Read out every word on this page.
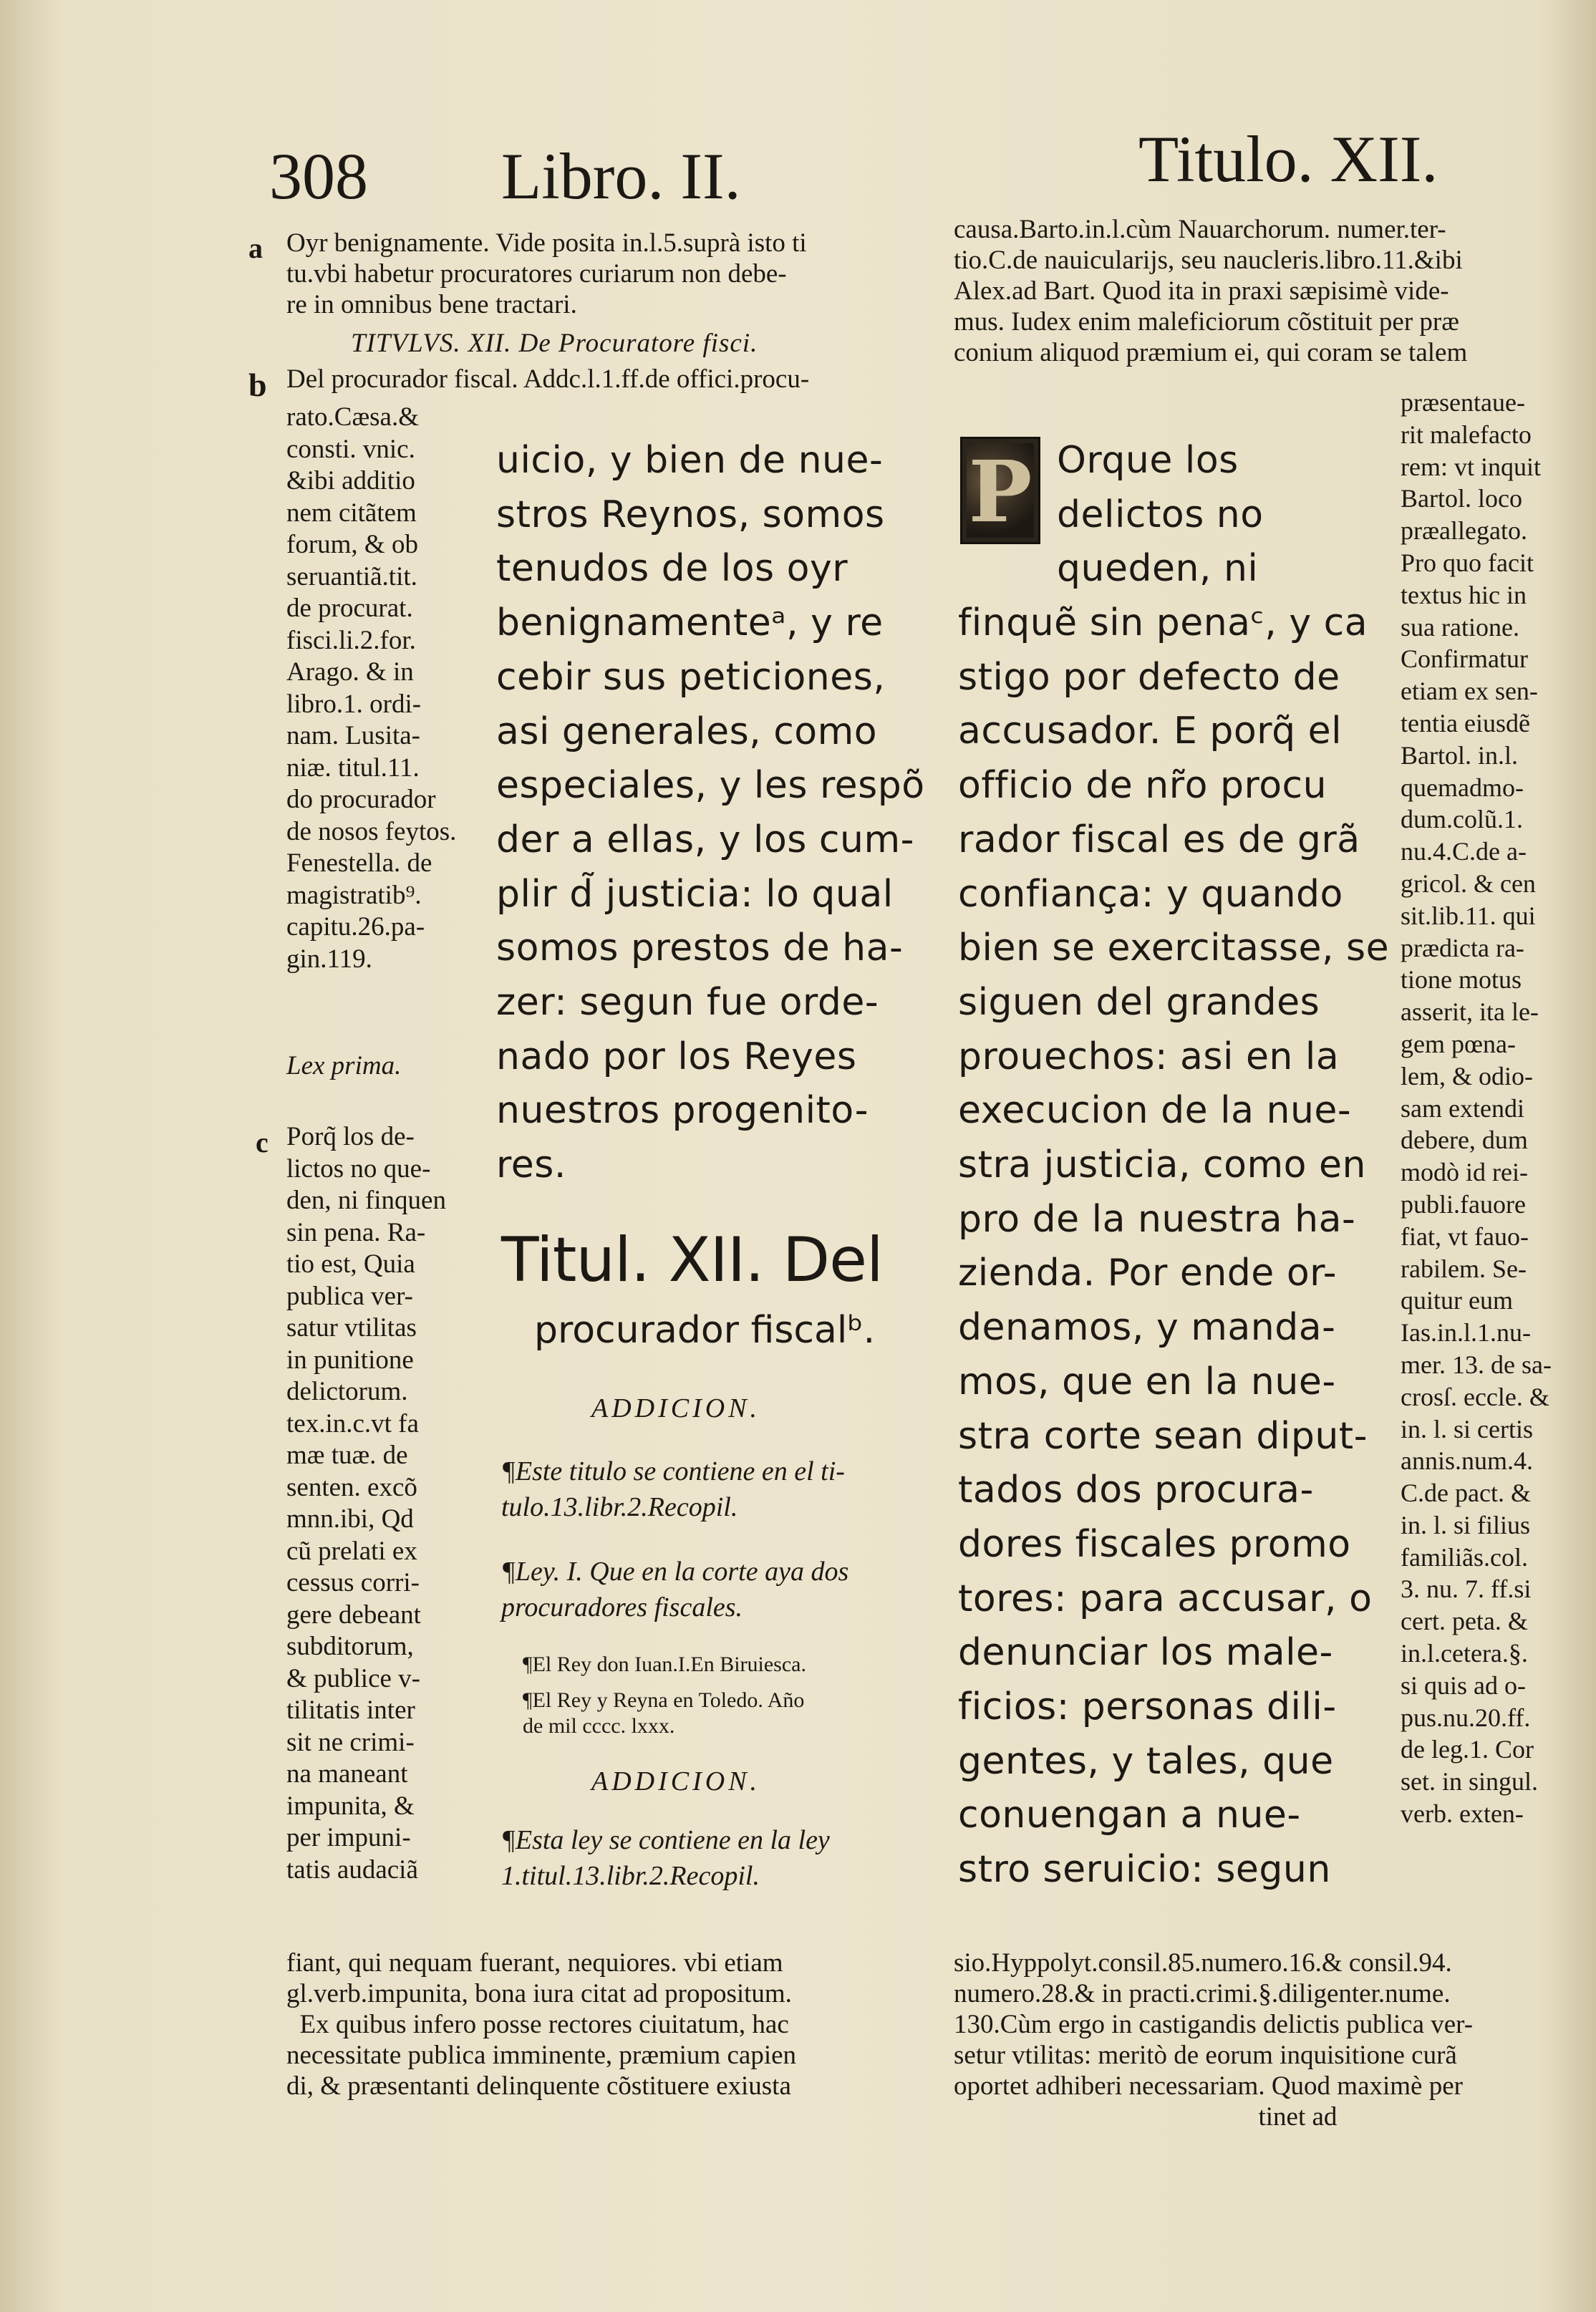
308 Libro. II.	Titulo. XII.
a Oyr benignamente. Vide posita in.l.5.suprà isto ti
tu.vbi habetur procuratores curiarum non debe-
re in omnibus bene tractari.
TITVLVS. XII. De Procuratore fisci.
b Del procurador fiscal. Addc.l.1.ff.de offici.procu-
rato.Cæsa.&
consti. vnic.
&ibi additio
nem citãtem
forum, & ob
seruantiã.tit.
de procurat.
fisci.li.2.for.
Arago. & in
libro.1. ordi-
nam. Lusita-
niæ. titul.11.
do procurador
de nosos feytos.
Fenestella. de
magistratib⁹.
capitu.26.pa-
gin.119.
Lex prima.
c Porq̃ los de-
lictos no que-
den, ni finquen
sin pena. Ra-
tio est, Quia
publica ver-
satur vtilitas
in punitione
delictorum.
tex.in.c.vt fa
mæ tuæ. de
senten. excõ
mnn.ibi, Qd
cũ prelati ex
cessus corri-
gere debeant
subditorum,
& publice v-
tilitatis inter
sit ne crimi-
na maneant
impunita, &
per impuni-
tatis audaciã
fiant, qui nequam fuerant, nequiores. vbi etiam
gl.verb.impunita, bona iura citat ad propositum.
Ex quibus infero posse rectores ciuitatum, hac
necessitate publica imminente, præmium capien
di, & præsentanti delinquente cõstituere exiusta
uicio, y bien de nue-
stros Reynos, somos
tenudos de los oyr
benignamenteᵃ, y re
cebir sus peticiones,
asi generales, como
especiales, y les respõ
der a ellas, y los cum-
plir d̃ justicia: lo qual
somos prestos de ha-
zer: segun fue orde-
nado por los Reyes
nuestros progenito-
res.
Titul. XII. Del
procurador fiscalᵇ.
ADDICION.
¶Este titulo se contiene en el ti-
tulo.13.libr.2.Recopil.
¶Ley. I. Que en la corte aya dos
procuradores fiscales.
¶El Rey don Iuan.I.En Biruiesca.
¶El Rey y Reyna en Toledo. Año
de mil cccc. lxxx.
ADDICION.
¶Esta ley se contiene en la ley
1.titul.13.libr.2.Recopil.
causa.Barto.in.l.cùm Nauarchorum. numer.ter-
tio.C.de nauicularijs, seu naucleris.libro.11.&ibi
Alex.ad Bart. Quod ita in praxi sæpisimè vide-
mus. Iudex enim maleficiorum cõstituit per præ
conium aliquod præmium ei, qui coram se talem
P Orque los
delictos no
queden, ni
finquẽ sin penaᶜ, y ca
stigo por defecto de
accusador. E porq̃ el
officio de nr̃o procu
rador fiscal es de grã
confiança: y quando
bien se exercitasse, se
siguen del grandes
prouechos: asi en la
execucion de la nue-
stra justicia, como en
pro de la nuestra ha-
zienda. Por ende or-
denamos, y manda-
mos, que en la nue-
stra corte sean diput-
tados dos procura-
dores fiscales promo
tores: para accusar, o
denunciar los male-
ficios: personas dili-
gentes, y tales, que
conuengan a nue-
stro seruicio: segun
præsentaue-
rit malefacto
rem: vt inquit
Bartol. loco
præallegato.
Pro quo facit
textus hic in
sua ratione.
Confirmatur
etiam ex sen-
tentia eiusdẽ
Bartol. in.l.
quemadmo-
dum.colũ.1.
nu.4.C.de a-
gricol. & cen
sit.lib.11. qui
prædicta ra-
tione motus
asserit, ita le-
gem pœna-
lem, & odio-
sam extendi
debere, dum
modò id rei-
publi.fauore
fiat, vt fauo-
rabilem. Se-
quitur eum
Ias.in.l.1.nu-
mer. 13. de sa-
crosſ. eccle. &
in. l. si certis
annis.num.4.
C.de pact. &
in. l. si filius
familiãs.col.
3. nu. 7. ff.si
cert. peta. &
in.l.cetera.§.
si quis ad o-
pus.nu.20.ff.
de leg.1. Cor
set. in singul.
verb. exten-
sio.Hyppolyt.consil.85.numero.16.& consil.94.
numero.28.& in practi.crimi.§.diligenter.nume.
130.Cùm ergo in castigandis delictis publica ver-
setur vtilitas: meritò de eorum inquisitione curã
oportet adhiberi necessariam. Quod maximè per
tinet ad
